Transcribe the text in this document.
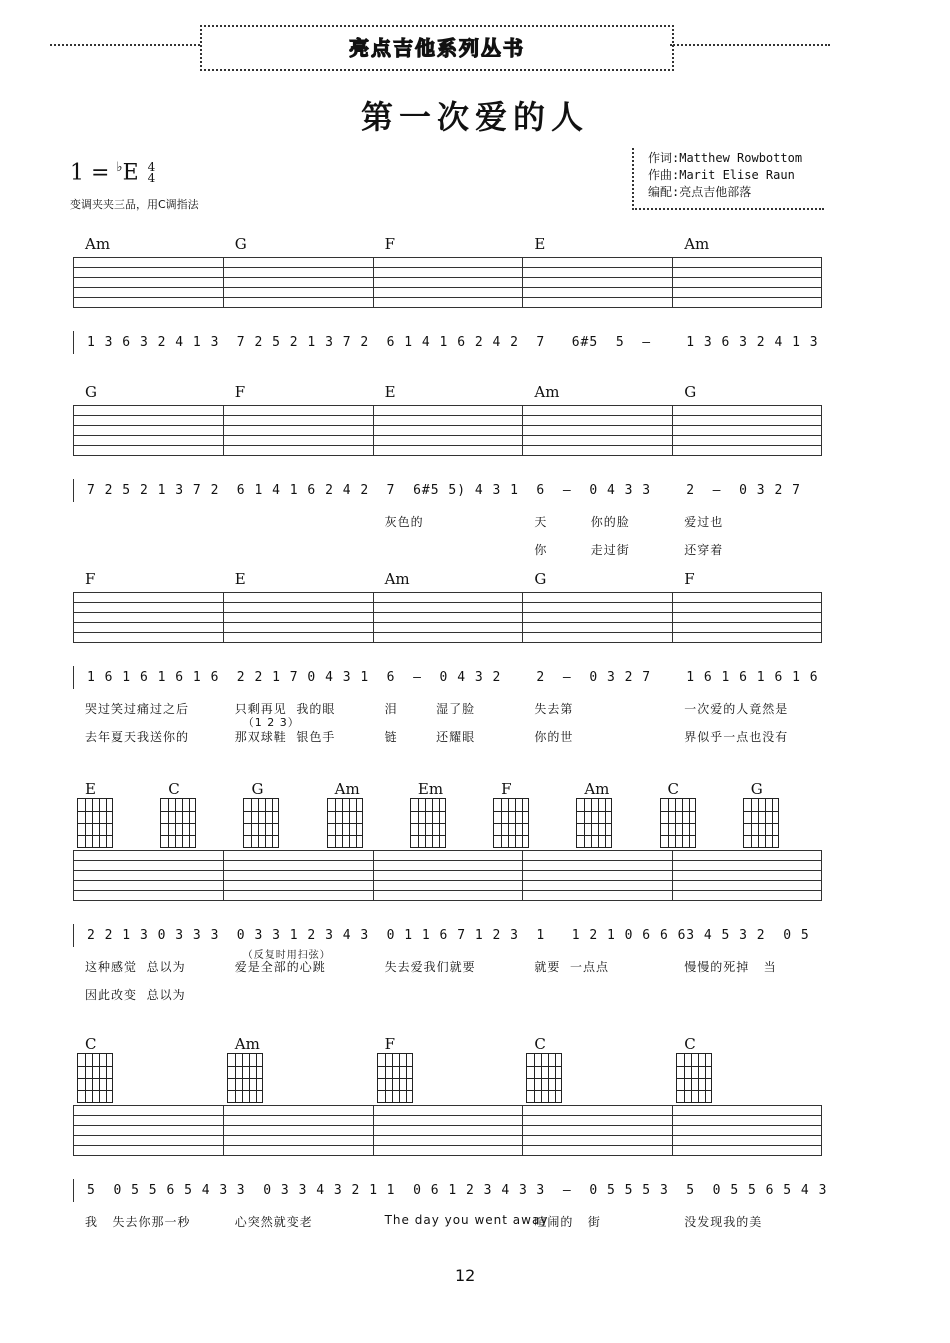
亮点吉他系列丛书
第一次爱的人
1 = ♭E 4
4
变调夹夹三品，用C调指法
作词:Matthew Rowbottom
作曲:Marit Elise Raun
编配:亮点吉他部落
Am	G	F	E	Am
1 3 6 3 2 4 1 3 7 2 5 2 1 3 7 2 6 1 4 1 6 2 4 2 7   6#5  5  –	1 3 6 3 2 4 1 3
G	F	E	Am	G
7 2 5 2 1 3 7 2 6 1 4 1 6 2 4 2 7  6#5 5) 4 3 1 6  –  0 4 3 3	2  –  0 3 2 7
灰色的	天         你的脸	爱过也
你         走过街	还穿着
F	E	Am	G	F
1 6 1 6 1 6 1 6 2 2 1 7 0 4 3 1 6  –  0 4 3 2	2  –  0 3 2 7	1 6 1 6 1 6 1 6
哭过笑过痛过之后	只剩再见  我的眼	泪        湿了脸	失去第	一次爱的人竟然是
去年夏天我送你的	那双球鞋  银色手	链        还耀眼	你的世	界似乎一点也没有
（1 2 3）
E	C	G	Am	Em	F	Am	C	G
2 2 1 3 0 3 3 3 0 3 3 1 2 3 4 3 0 1 1 6 7 1 2 3 1   1 2 1 0 6 6 6 3 4 5 3 2  0 5
这种感觉  总以为	爱是全部的心跳	失去爱我们就要	就要  一点点	慢慢的死掉   当
因此改变  总以为
（反复时用扫弦）
C	Am	F	C	C
5  0 5 5 6 5 4 3 3  0 3 3 4 3 2 1 1  0 6 1 2 3 4 3 3  –  0 5 5 5 3 5  0 5 5 6 5 4 3
我   失去你那一秒	心突然就变老	The day you went away
喧闹的   街	没发现我的美
12
